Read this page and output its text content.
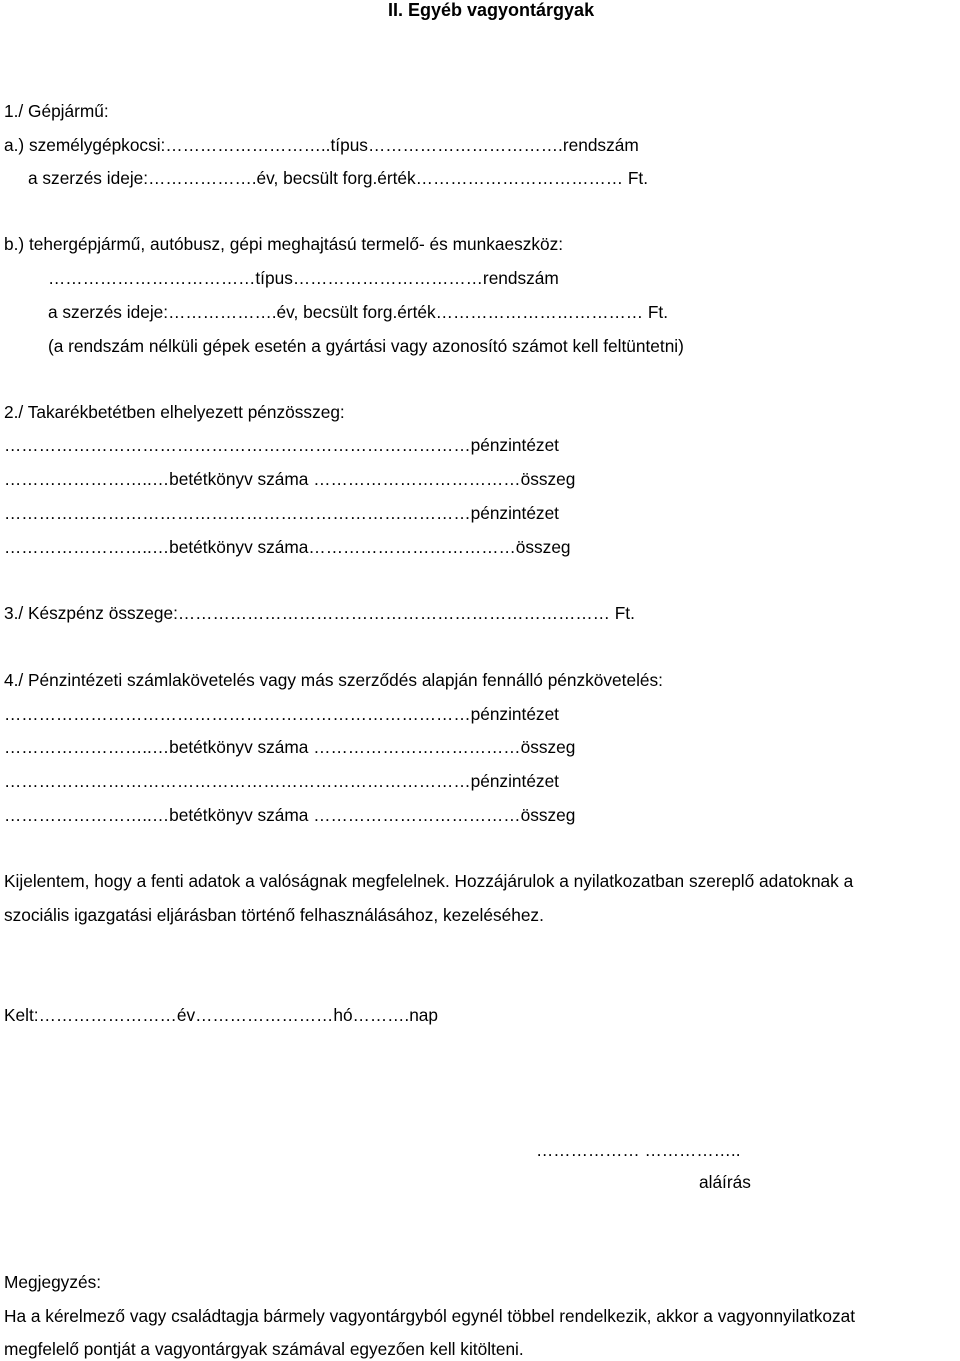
II. Egyéb vagyontárgyak
1./ Gépjármű:
a.) személygépkocsi:………………………..típus…………………………….rendszám
a szerzés ideje:……………….év, becsült forg.érték……………………………… Ft.
b.) tehergépjármű, autóbusz, gépi meghajtású termelő- és munkaeszköz:
………………………………típus……………………………rendszám
a szerzés ideje:……………….év, becsült forg.érték……………………………… Ft.
(a rendszám nélküli gépek esetén a gyártási vagy azonosító számot kell feltüntetni)
2./ Takarékbetétben elhelyezett pénzösszeg:
………………………………………………………………………pénzintézet
……………………..…betétkönyv száma ………………………………összeg
………………………………………………………………………pénzintézet
……………………..…betétkönyv száma………………………………összeg
3./ Készpénz összege:………………………………………………………………… Ft.
4./ Pénzintézeti számlakövetelés vagy más szerződés alapján fennálló pénzkövetelés:
………………………………………………………………………pénzintézet
……………………..…betétkönyv száma ………………………………összeg
………………………………………………………………………pénzintézet
……………………..…betétkönyv száma ………………………………összeg
Kijelentem, hogy a fenti adatok a valóságnak megfelelnek. Hozzájárulok a nyilatkozatban szereplő adatoknak a
szociális igazgatási eljárásban történő felhasználásához, kezeléséhez.
Kelt:……………………év……………………hó……….nap
……………… ……………..
aláírás
Megjegyzés:
Ha a kérelmező vagy családtagja bármely vagyontárgyból egynél többel rendelkezik, akkor a vagyonnyilatkozat
megfelelő pontját a vagyontárgyak számával egyezően kell kitölteni.
